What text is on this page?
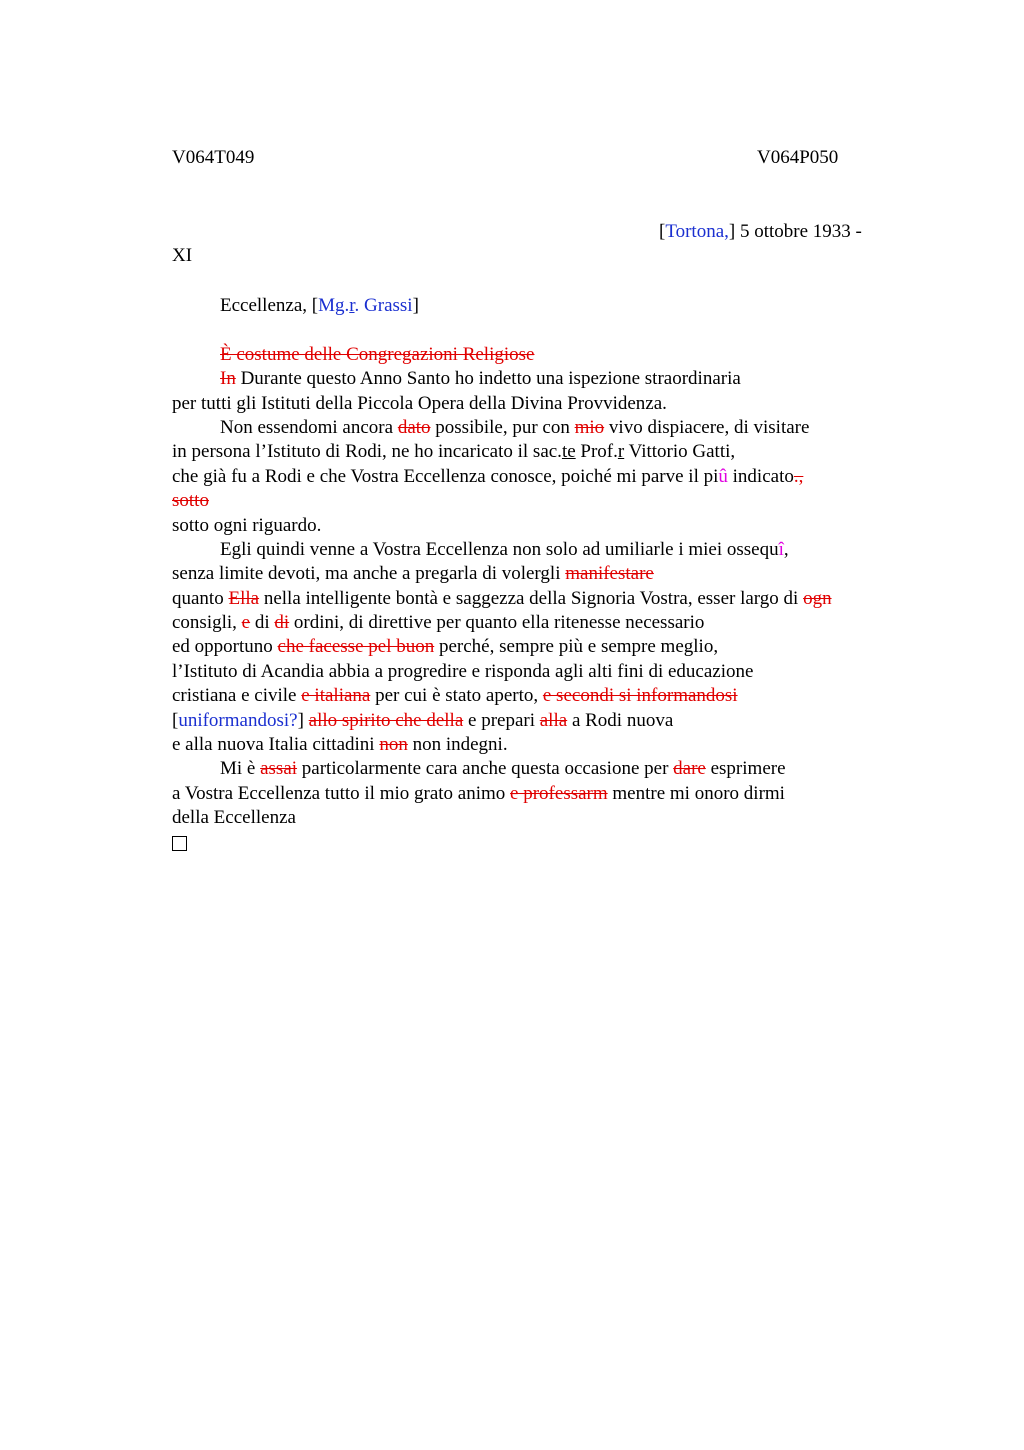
V064T049	V064P050
[Tortona,] 5 ottobre 1933 -
XI
Eccellenza, [Mg.r. Grassi]
È costume delle Congregazioni Religiose
In Durante questo Anno Santo ho indetto una ispezione straordinaria
per tutti gli Istituti della Piccola Opera della Divina Provvidenza.
Non essendomi ancora dato possibile, pur con mio vivo dispiacere, di visitare
in persona l’Istituto di Rodi, ne ho incaricato il sac.te Prof.r Vittorio Gatti,
che già fu a Rodi e che Vostra Eccellenza conosce, poiché mi parve il piû indicato.,
sotto
sotto ogni riguardo.
Egli quindi venne a Vostra Eccellenza non solo ad umiliarle i miei ossequî,
senza limite devoti, ma anche a pregarla di volergli manifestare
quanto Ella nella intelligente bontà e saggezza della Signoria Vostra, esser largo di ogn
consigli, e di di ordini, di direttive per quanto ella ritenesse necessario
ed opportuno che facesse pel buon perché, sempre più e sempre meglio,
l’Istituto di Acandia abbia a progredire e risponda agli alti fini di educazione
cristiana e civile e italiana per cui è stato aperto, e secondi si informandosi
[uniformandosi?] allo spirito che della e prepari alla a Rodi nuova
e alla nuova Italia cittadini non non indegni.
Mi è assai particolarmente cara anche questa occasione per dare esprimere
a Vostra Eccellenza tutto il mio grato animo e professarm mentre mi onoro dirmi
della Eccellenza
